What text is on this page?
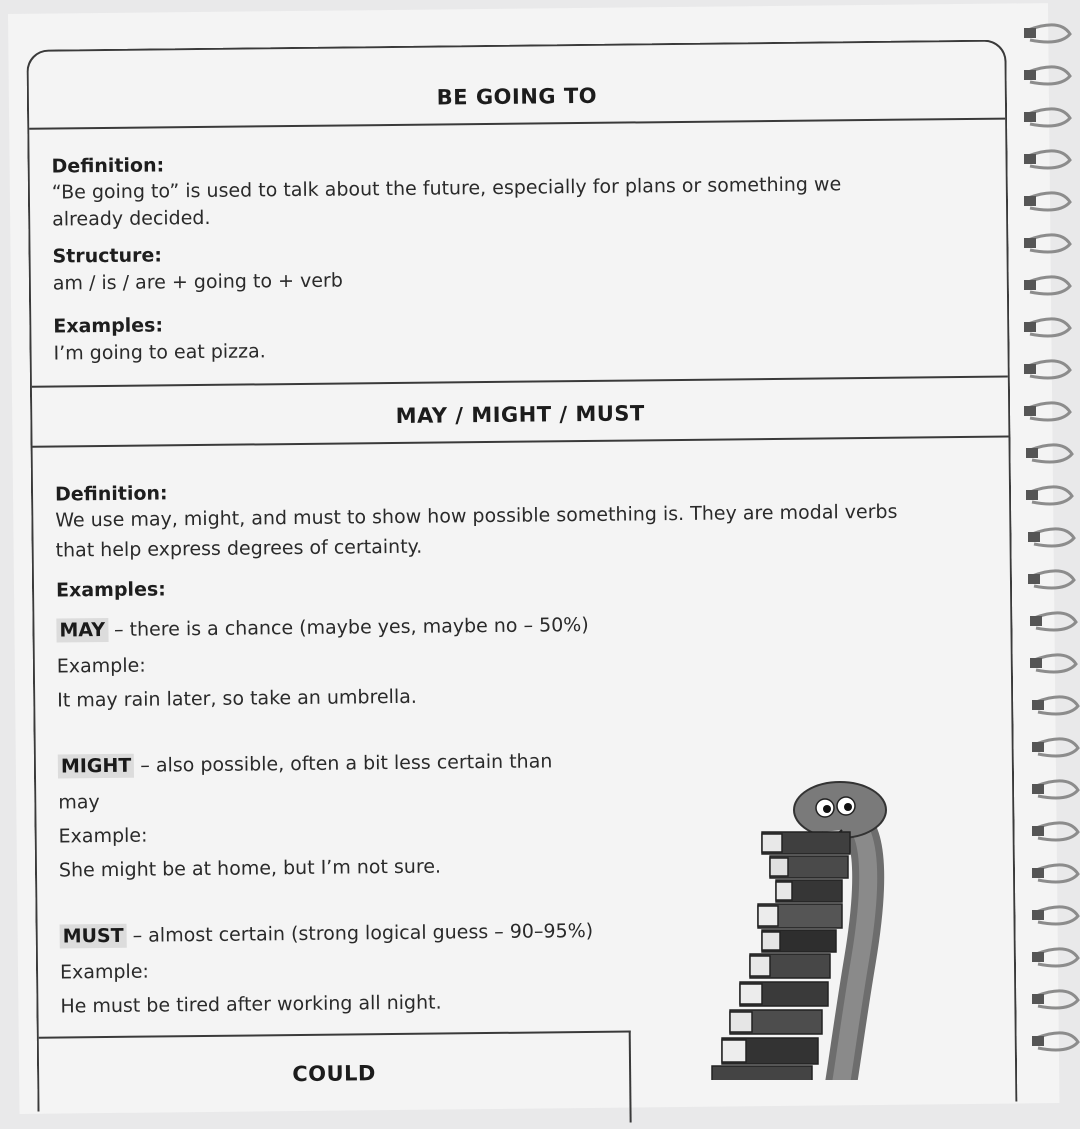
BE GOING TO
Definition:
“Be going to” is used to talk about the future, especially for plans or something we
already decided.
Structure:
am / is / are + going to + verb
Examples:
I’m going to eat pizza.
MAY / MIGHT / MUST
Definition:
We use may, might, and must to show how possible something is. They are modal verbs
that help express degrees of certainty.
Examples:
MAY – there is a chance (maybe yes, maybe no – 50%)
Example:
It may rain later, so take an umbrella.
MIGHT – also possible, often a bit less certain than
may
Example:
She might be at home, but I’m not sure.
MUST – almost certain (strong logical guess – 90–95%)
Example:
He must be tired after working all night.
COULD
